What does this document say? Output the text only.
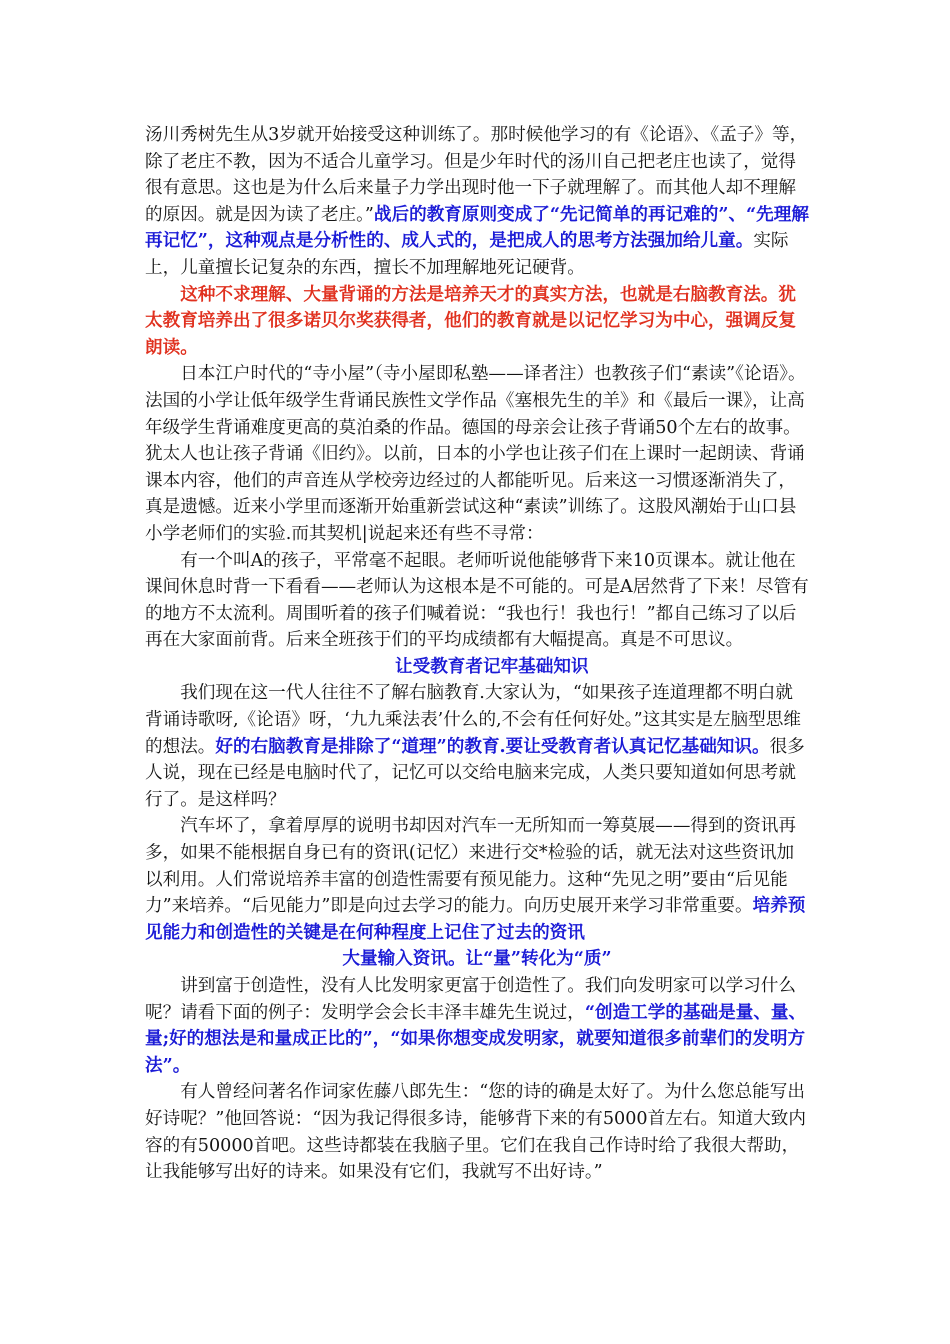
汤川秀树先生从3岁就开始接受这种训练了。那时候他学习的有《论语》、《孟子》等，除了老庄不教，因为不适合儿童学习。但是少年时代的汤川自己把老庄也读了，觉得很有意思。这也是为什么后来量子力学出现时他一下子就理解了。而其他人却不理解的原因。就是因为读了老庄。”战后的教育原则变成了“先记简单的再记难的”、“先理解再记忆”，这种观点是分析性的、成人式的，是把成人的思考方法强加给儿童。实际上，儿童擅长记复杂的东西，擅长不加理解地死记硬背。

这种不求理解、大量背诵的方法是培养天才的真实方法，也就是右脑教育法。犹太教育培养出了很多诺贝尔奖获得者，他们的教育就是以记忆学习为中心，强调反复朗读。

日本江户时代的“寺小屋”（寺小屋即私塾——译者注）也教孩子们“素读”《论语》。法国的小学让低年级学生背诵民族性文学作品《塞根先生的羊》和《最后一课》，让高年级学生背诵难度更高的莫泊桑的作品。德国的母亲会让孩子背诵50个左右的故事。犹太人也让孩子背诵《旧约》。以前，日本的小学也让孩子们在上课时一起朗读、背诵课本内容，他们的声音连从学校旁边经过的人都能听见。后来这一习惯逐渐消失了，真是遗憾。近来小学里而逐渐开始重新尝试这种“素读”训练了。这股风潮始于山口县小学老师们的实验.而其契机|说起来还有些不寻常：

有一个叫A的孩子，平常毫不起眼。老师听说他能够背下来10页课本。就让他在课间休息时背一下看看——老师认为这根本是不可能的。可是A居然背了下来！尽管有的地方不太流利。周围听着的孩子们喊着说：“我也行！我也行！”都自己练习了以后再在大家面前背。后来全班孩于们的平均成绩都有大幅提高。真是不可思议。

让受教育者记牢基础知识

我们现在这一代人往往不了解右脑教育.大家认为，“如果孩子连道理都不明白就背诵诗歌呀,《论语》呀，‘九九乘法表’什么的,不会有任何好处。”这其实是左脑型思维的想法。好的右脑教育是排除了“道理”的教育.要让受教育者认真记忆基础知识。很多人说，现在已经是电脑时代了，记忆可以交给电脑来完成，人类只要知道如何思考就行了。是这样吗？

汽车坏了，拿着厚厚的说明书却因对汽车一无所知而一筹莫展——得到的资讯再多，如果不能根据自身已有的资讯(记忆）来进行交*检验的话，就无法对这些资讯加以利用。人们常说培养丰富的创造性需要有预见能力。这种“先见之明”要由“后见能力”来培养。“后见能力”即是向过去学习的能力。向历史展开来学习非常重要。培养预见能力和创造性的关键是在何种程度上记住了过去的资讯

大量输入资讯。让“量”转化为“质”

讲到富于创造性，没有人比发明家更富于创造性了。我们向发明家可以学习什么呢？请看下面的例子：发明学会会长丰泽丰雄先生说过，“创造工学的基础是量、量、量;好的想法是和量成正比的”，“如果你想变成发明家，就要知道很多前辈们的发明方法”。

有人曾经问著名作词家佐藤八郎先生：“您的诗的确是太好了。为什么您总能写出好诗呢？”他回答说：“因为我记得很多诗，能够背下来的有5000首左右。知道大致内容的有50000首吧。这些诗都装在我脑子里。它们在我自己作诗时给了我很大帮助，让我能够写出好的诗来。如果没有它们，我就写不出好诗。”
